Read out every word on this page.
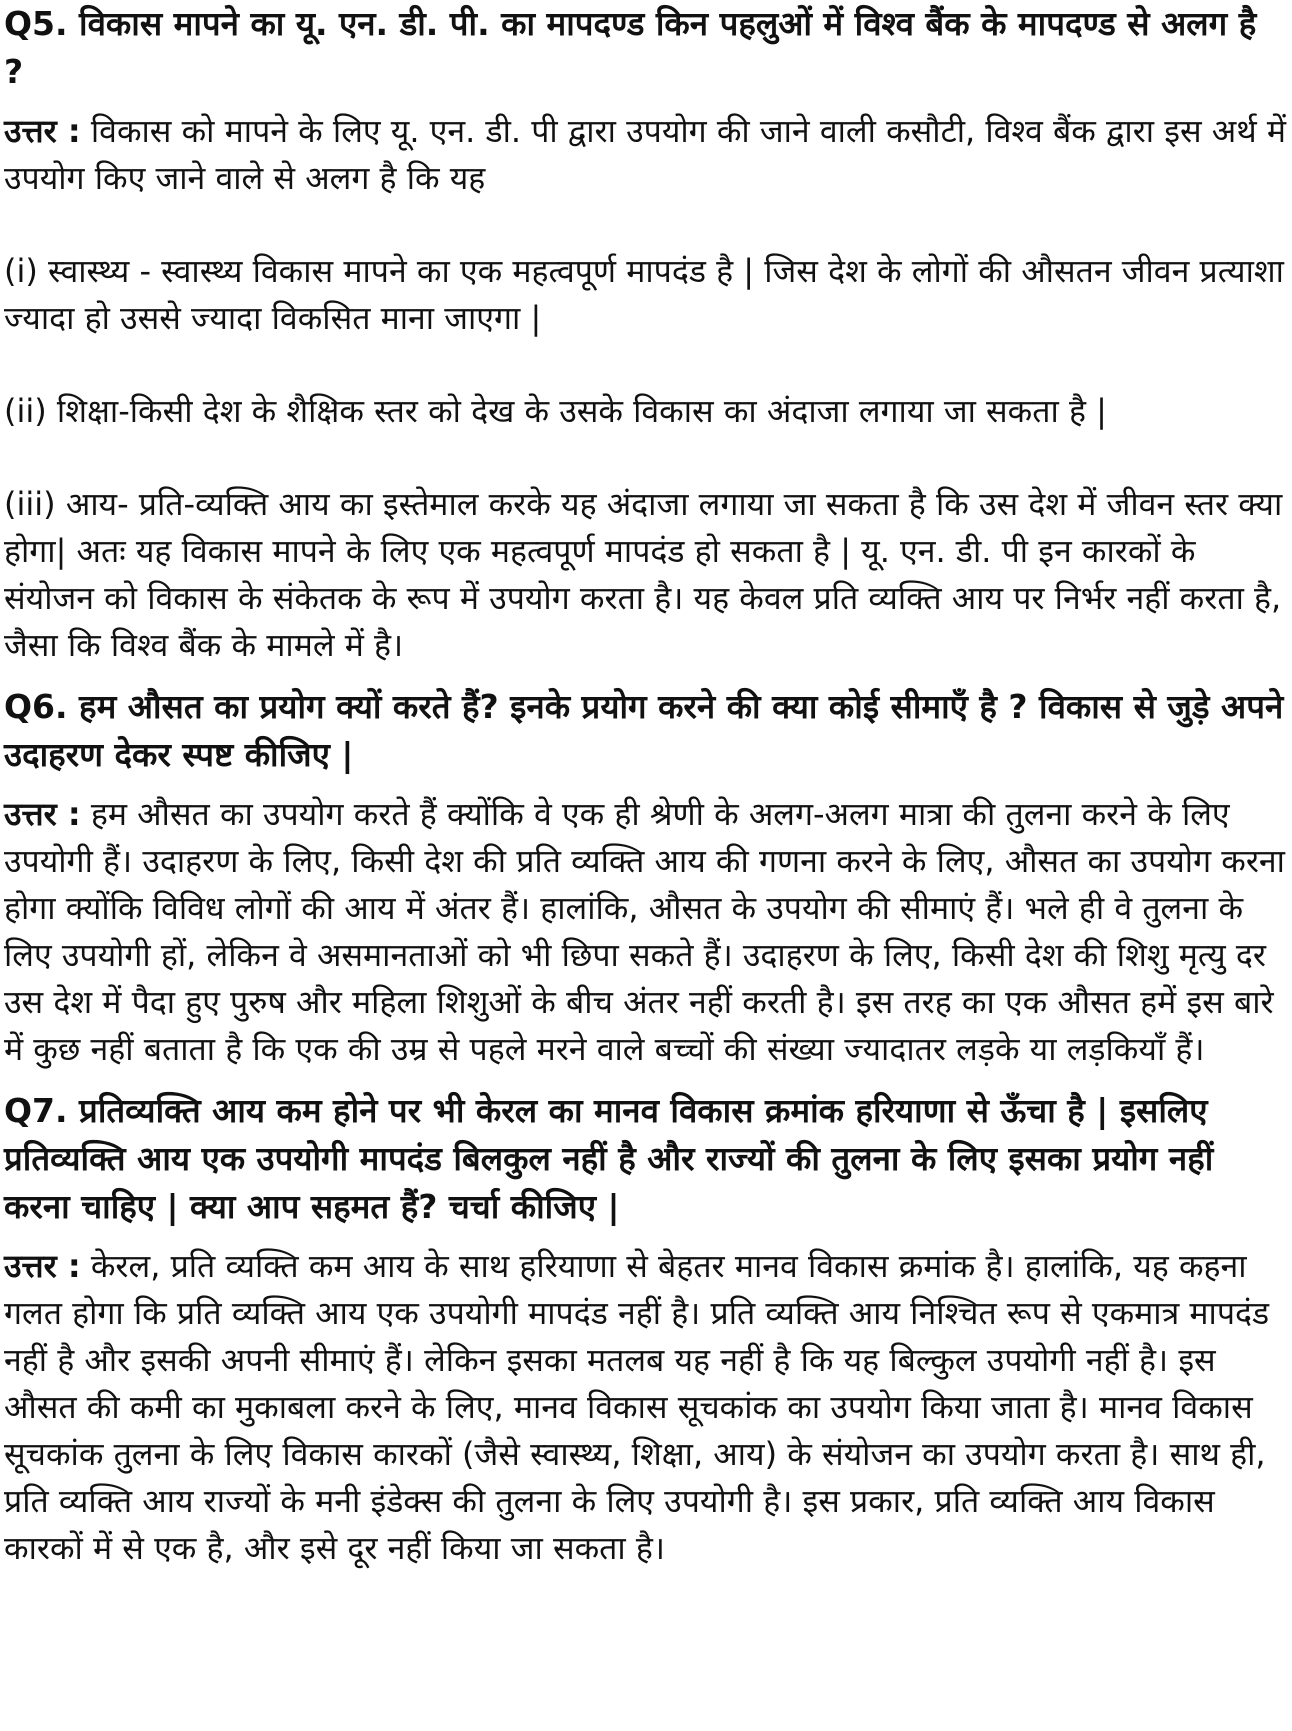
Q5. विकास मापने का यू. एन. डी. पी. का मापदण्ड किन पहलुओं में विश्व बैंक के मापदण्ड से अलग है ?

उत्तर : विकास को मापने के लिए यू. एन. डी. पी द्वारा उपयोग की जाने वाली कसौटी, विश्व बैंक द्वारा इस अर्थ में उपयोग किए जाने वाले से अलग है कि यह

(i) स्वास्थ्य - स्वास्थ्य विकास मापने का एक महत्वपूर्ण मापदंड है | जिस देश के लोगों की औसतन जीवन प्रत्याशा ज्यादा हो उससे ज्यादा विकसित माना जाएगा |

(ii) शिक्षा-किसी देश के शैक्षिक स्तर को देख के उसके विकास का अंदाजा लगाया जा सकता है |

(iii) आय- प्रति-व्यक्ति आय का इस्तेमाल करके यह अंदाजा लगाया जा सकता है कि उस देश में जीवन स्तर क्या होगा| अतः यह विकास मापने के लिए एक महत्वपूर्ण मापदंड हो सकता है | यू. एन. डी. पी इन कारकों के संयोजन को विकास के संकेतक के रूप में उपयोग करता है। यह केवल प्रति व्यक्ति आय पर निर्भर नहीं करता है, जैसा कि विश्व बैंक के मामले में है।

Q6. हम औसत का प्रयोग क्यों करते हैं? इनके प्रयोग करने की क्या कोई सीमाएँ है ? विकास से जुड़े अपने उदाहरण देकर स्पष्ट कीजिए |

उत्तर : हम औसत का उपयोग करते हैं क्योंकि वे एक ही श्रेणी के अलग-अलग मात्रा की तुलना करने के लिए उपयोगी हैं। उदाहरण के लिए, किसी देश की प्रति व्यक्ति आय की गणना करने के लिए, औसत का उपयोग करना होगा क्योंकि विविध लोगों की आय में अंतर हैं। हालांकि, औसत के उपयोग की सीमाएं हैं। भले ही वे तुलना के लिए उपयोगी हों, लेकिन वे असमानताओं को भी छिपा सकते हैं। उदाहरण के लिए, किसी देश की शिशु मृत्यु दर उस देश में पैदा हुए पुरुष और महिला शिशुओं के बीच अंतर नहीं करती है। इस तरह का एक औसत हमें इस बारे में कुछ नहीं बताता है कि एक की उम्र से पहले मरने वाले बच्चों की संख्या ज्यादातर लड़के या लड़कियाँ हैं।

Q7. प्रतिव्यक्ति आय कम होने पर भी केरल का मानव विकास क्रमांक हरियाणा से ऊँचा है | इसलिए प्रतिव्यक्ति आय एक उपयोगी मापदंड बिलकुल नहीं है और राज्यों की तुलना के लिए इसका प्रयोग नहीं करना चाहिए | क्या आप सहमत हैं? चर्चा कीजिए |

उत्तर : केरल, प्रति व्यक्ति कम आय के साथ हरियाणा से बेहतर मानव विकास क्रमांक है। हालांकि, यह कहना गलत होगा कि प्रति व्यक्ति आय एक उपयोगी मापदंड नहीं है। प्रति व्यक्ति आय निश्चित रूप से एकमात्र मापदंड नहीं है और इसकी अपनी सीमाएं हैं। लेकिन इसका मतलब यह नहीं है कि यह बिल्कुल उपयोगी नहीं है। इस औसत की कमी का मुकाबला करने के लिए, मानव विकास सूचकांक का उपयोग किया जाता है। मानव विकास सूचकांक तुलना के लिए विकास कारकों (जैसे स्वास्थ्य, शिक्षा, आय) के संयोजन का उपयोग करता है। साथ ही, प्रति व्यक्ति आय राज्यों के मनी इंडेक्स की तुलना के लिए उपयोगी है। इस प्रकार, प्रति व्यक्ति आय विकास कारकों में से एक है, और इसे दूर नहीं किया जा सकता है।
